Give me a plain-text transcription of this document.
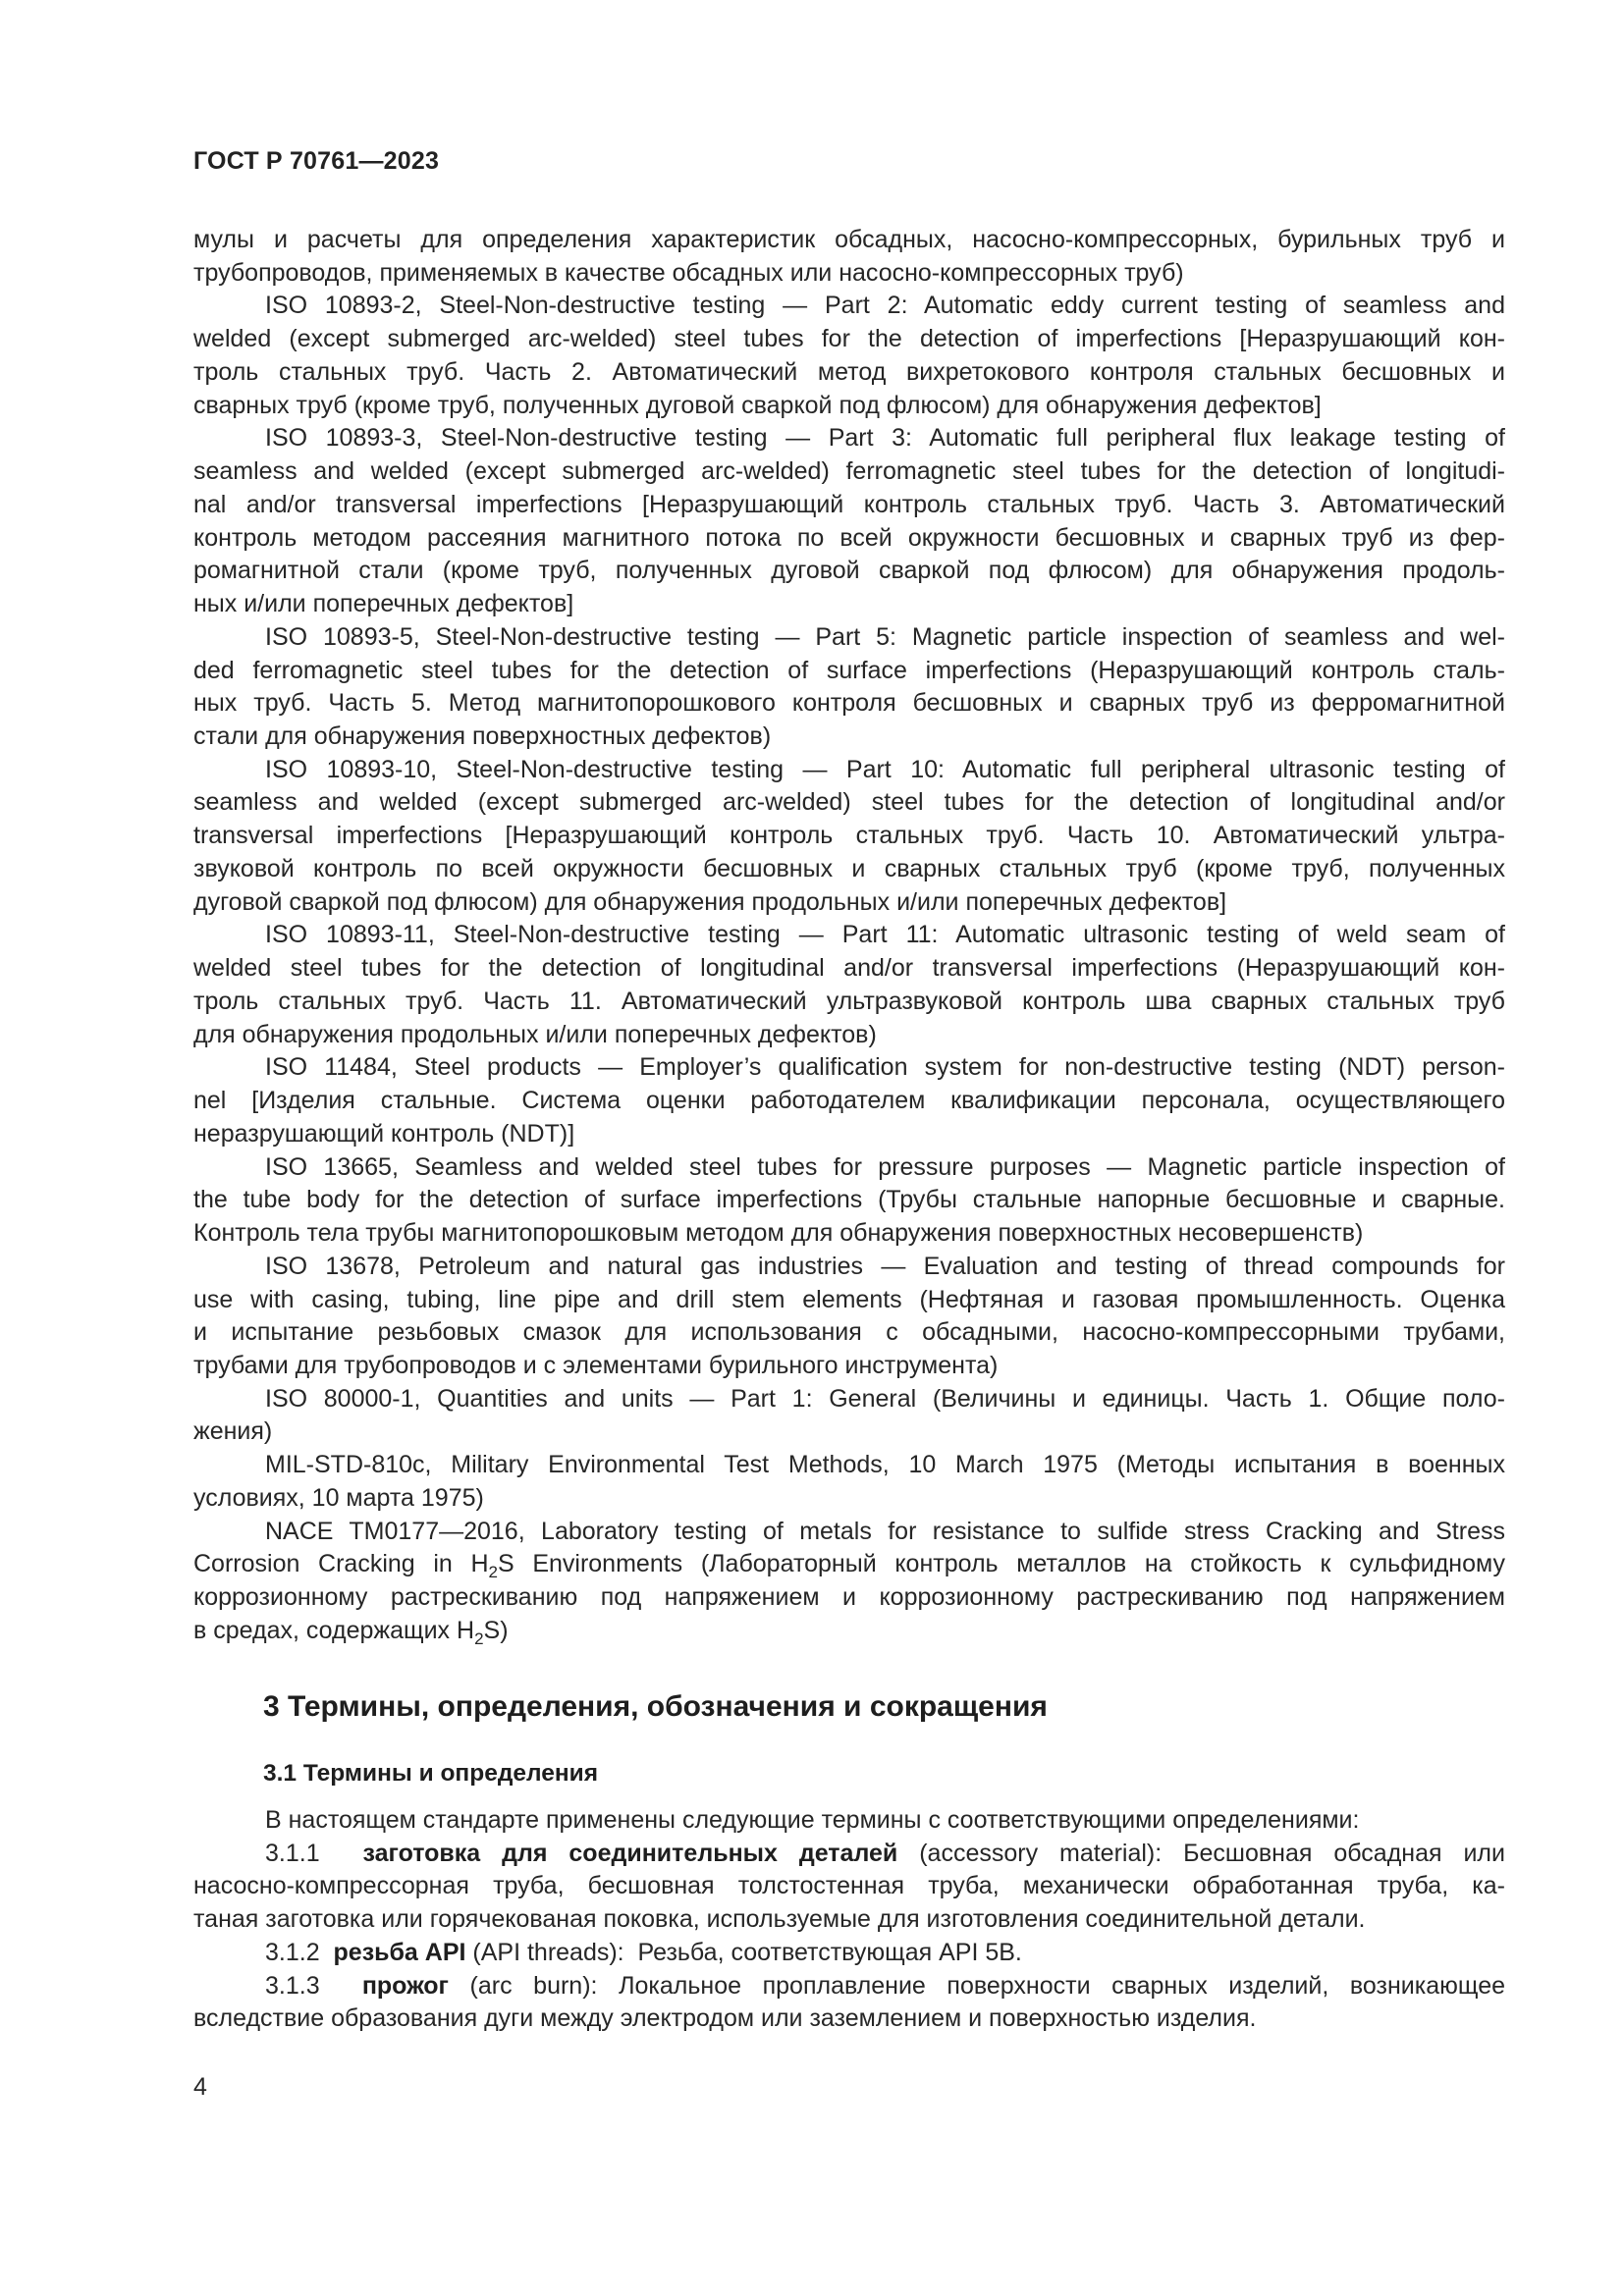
ГОСТ Р 70761—2023
мулы и расчеты для определения характеристик обсадных, насосно-компрессорных, бурильных труб и
трубопроводов, применяемых в качестве обсадных или насосно-компрессорных труб)
ISO 10893-2, Steel-Non-destructive testing — Part 2: Automatic eddy current testing of seamless and
welded (except submerged arc-welded) steel tubes for the detection of imperfections [Неразрушающий кон-
троль стальных труб. Часть 2. Автоматический метод вихретокового контроля стальных бесшовных и
сварных труб (кроме труб, полученных дуговой сваркой под флюсом) для обнаружения дефектов]
ISO 10893-3, Steel-Non-destructive testing — Part 3: Automatic full peripheral flux leakage testing of
seamless and welded (except submerged arc-welded) ferromagnetic steel tubes for the detection of longitudi-
nal and/or transversal imperfections [Неразрушающий контроль стальных труб. Часть 3. Автоматический
контроль методом рассеяния магнитного потока по всей окружности бесшовных и сварных труб из фер-
ромагнитной стали (кроме труб, полученных дуговой сваркой под флюсом) для обнаружения продоль-
ных и/или поперечных дефектов]
ISO 10893-5, Steel-Non-destructive testing — Part 5: Magnetic particle inspection of seamless and wel-
ded ferromagnetic steel tubes for the detection of surface imperfections (Неразрушающий контроль сталь-
ных труб. Часть 5. Метод магнитопорошкового контроля бесшовных и сварных труб из ферромагнитной
стали для обнаружения поверхностных дефектов)
ISO 10893-10, Steel-Non-destructive testing — Part 10: Automatic full peripheral ultrasonic testing of
seamless and welded (except submerged arc-welded) steel tubes for the detection of longitudinal and/or
transversal imperfections [Неразрушающий контроль стальных труб. Часть 10. Автоматический ультра-
звуковой контроль по всей окружности бесшовных и сварных стальных труб (кроме труб, полученных
дуговой сваркой под флюсом) для обнаружения продольных и/или поперечных дефектов]
ISO 10893-11, Steel-Non-destructive testing — Part 11: Automatic ultrasonic testing of weld seam of
welded steel tubes for the detection of longitudinal and/or transversal imperfections (Неразрушающий кон-
троль стальных труб. Часть 11. Автоматический ультразвуковой контроль шва сварных стальных труб
для обнаружения продольных и/или поперечных дефектов)
ISO 11484, Steel products — Employer’s qualification system for non-destructive testing (NDT) person-
nel [Изделия стальные. Система оценки работодателем квалификации персонала, осуществляющего
неразрушающий контроль (NDT)]
ISO 13665, Seamless and welded steel tubes for pressure purposes — Magnetic particle inspection of
the tube body for the detection of surface imperfections (Трубы стальные напорные бесшовные и сварные.
Контроль тела трубы магнитопорошковым методом для обнаружения поверхностных несовершенств)
ISO 13678, Petroleum and natural gas industries — Evaluation and testing of thread compounds for
use with casing, tubing, line pipe and drill stem elements (Нефтяная и газовая промышленность. Оценка
и испытание резьбовых смазок для использования с обсадными, насосно-компрессорными трубами,
трубами для трубопроводов и с элементами бурильного инструмента)
ISO 80000-1, Quantities and units — Part 1: General (Величины и единицы. Часть 1. Общие поло-
жения)
MIL-STD-810c, Military Environmental Test Methods, 10 March 1975 (Методы испытания в военных
условиях, 10 марта 1975)
NACE TM0177—2016, Laboratory testing of metals for resistance to sulfide stress Cracking and Stress
Corrosion Cracking in $H_2S$ Environments (Лабораторный контроль металлов на стойкость к сульфидному
коррозионному растрескиванию под напряжением и коррозионному растрескиванию под напряжением
в средах, содержащих $H_2S$)
3 Термины, определения, обозначения и сокращения
3.1 Термины и определения
В настоящем стандарте применены следующие термины с соответствующими определениями:
3.1.1 заготовка для соединительных деталей (accessory material): Бесшовная обсадная или
насосно-компрессорная труба, бесшовная толстостенная труба, механически обработанная труба, ка-
таная заготовка или горячекованая поковка, используемые для изготовления соединительной детали.
3.1.2 резьба API (API threads):  Резьба, соответствующая API 5B.
3.1.3 прожог (arc burn): Локальное проплавление поверхности сварных изделий, возникающее
вследствие образования дуги между электродом или заземлением и поверхностью изделия.
4
